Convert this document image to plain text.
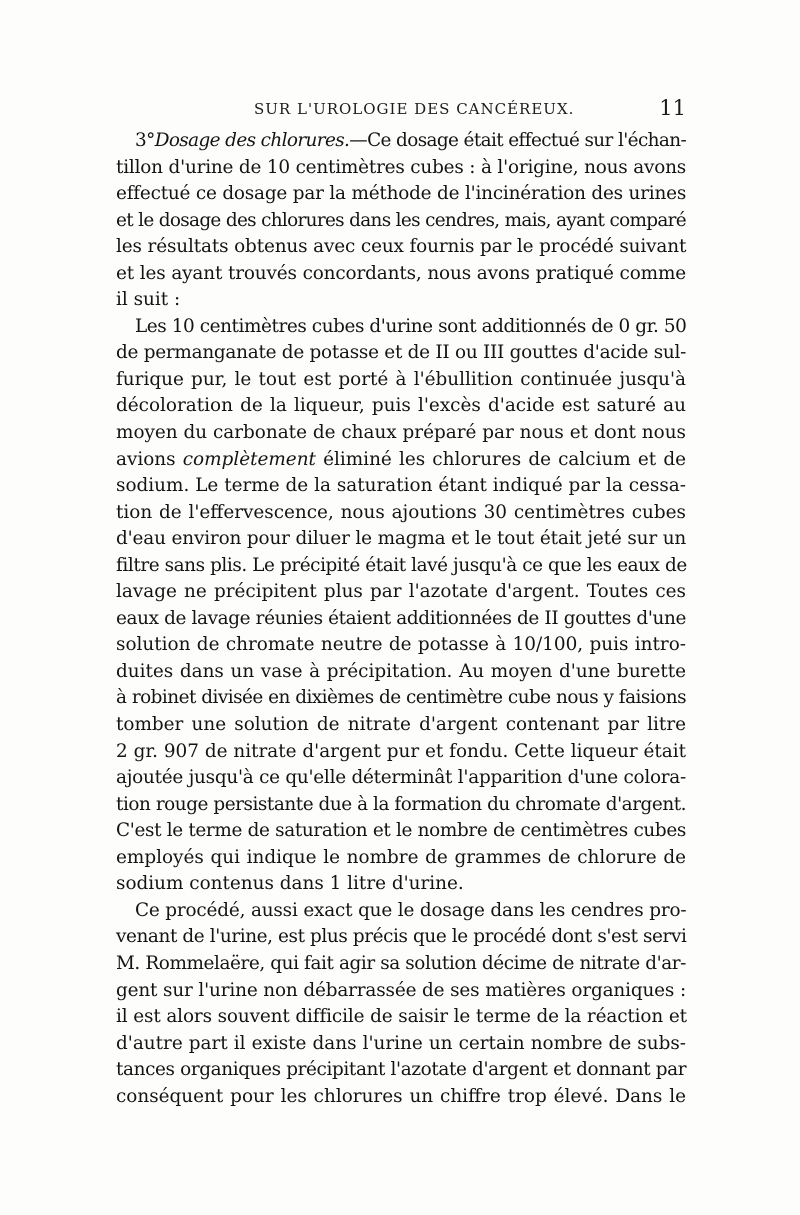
SUR L'UROLOGIE DES CANCÉREUX.	11
3°Dosage des chlorures.—Ce dosage était effectué sur l'échan-
tillon d'urine de 10 centimètres cubes : à l'origine, nous avons
effectué ce dosage par la méthode de l'incinération des urines
et le dosage des chlorures dans les cendres, mais, ayant comparé
les résultats obtenus avec ceux fournis par le procédé suivant
et les ayant trouvés concordants, nous avons pratiqué comme
il suit :
Les 10 centimètres cubes d'urine sont additionnés de 0 gr. 50
de permanganate de potasse et de II ou III gouttes d'acide sul-
furique pur, le tout est porté à l'ébullition continuée jusqu'à
décoloration de la liqueur, puis l'excès d'acide est saturé au
moyen du carbonate de chaux préparé par nous et dont nous
avions complètement éliminé les chlorures de calcium et de
sodium. Le terme de la saturation étant indiqué par la cessa-
tion de l'effervescence, nous ajoutions 30 centimètres cubes
d'eau environ pour diluer le magma et le tout était jeté sur un
filtre sans plis. Le précipité était lavé jusqu'à ce que les eaux de
lavage ne précipitent plus par l'azotate d'argent. Toutes ces
eaux de lavage réunies étaient additionnées de II gouttes d'une
solution de chromate neutre de potasse à 10/100, puis intro-
duites dans un vase à précipitation. Au moyen d'une burette
à robinet divisée en dixièmes de centimètre cube nous y faisions
tomber une solution de nitrate d'argent contenant par litre
2 gr. 907 de nitrate d'argent pur et fondu. Cette liqueur était
ajoutée jusqu'à ce qu'elle déterminât l'apparition d'une colora-
tion rouge persistante due à la formation du chromate d'argent.
C'est le terme de saturation et le nombre de centimètres cubes
employés qui indique le nombre de grammes de chlorure de
sodium contenus dans 1 litre d'urine.
Ce procédé, aussi exact que le dosage dans les cendres pro-
venant de l'urine, est plus précis que le procédé dont s'est servi
M. Rommelaëre, qui fait agir sa solution décime de nitrate d'ar-
gent sur l'urine non débarrassée de ses matières organiques :
il est alors souvent difficile de saisir le terme de la réaction et
d'autre part il existe dans l'urine un certain nombre de subs-
tances organiques précipitant l'azotate d'argent et donnant par
conséquent pour les chlorures un chiffre trop élevé. Dans le
